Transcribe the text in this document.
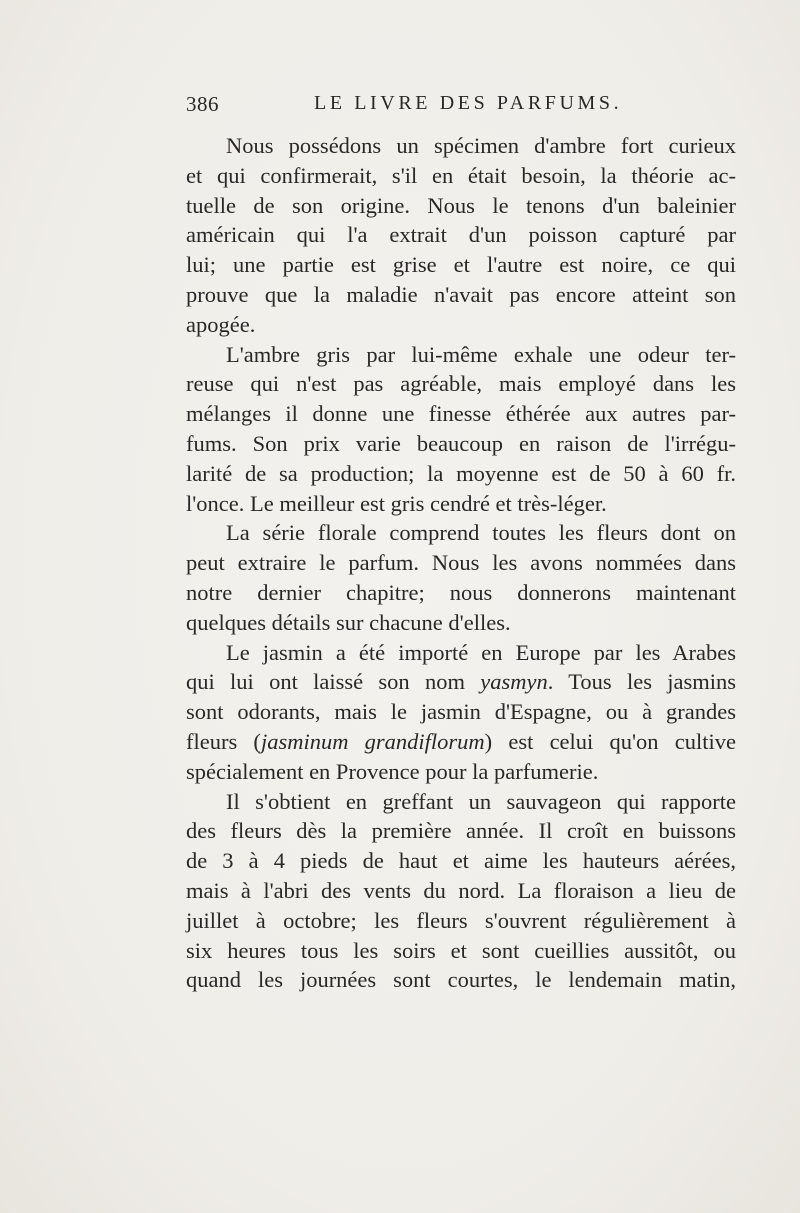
386	LE LIVRE DES PARFUMS.
Nous possédons un spécimen d'ambre fort curieux
et qui confirmerait, s'il en était besoin, la théorie ac-
tuelle de son origine. Nous le tenons d'un baleinier
américain qui l'a extrait d'un poisson capturé par
lui; une partie est grise et l'autre est noire, ce qui
prouve que la maladie n'avait pas encore atteint son
apogée.
L'ambre gris par lui-même exhale une odeur ter-
reuse qui n'est pas agréable, mais employé dans les
mélanges il donne une finesse éthérée aux autres par-
fums. Son prix varie beaucoup en raison de l'irrégu-
larité de sa production; la moyenne est de 50 à 60 fr.
l'once. Le meilleur est gris cendré et très-léger.
La série florale comprend toutes les fleurs dont on
peut extraire le parfum. Nous les avons nommées dans
notre dernier chapitre; nous donnerons maintenant
quelques détails sur chacune d'elles.
Le jasmin a été importé en Europe par les Arabes
qui lui ont laissé son nom yasmyn. Tous les jasmins
sont odorants, mais le jasmin d'Espagne, ou à grandes
fleurs (jasminum grandiflorum) est celui qu'on cultive
spécialement en Provence pour la parfumerie.
Il s'obtient en greffant un sauvageon qui rapporte
des fleurs dès la première année. Il croît en buissons
de 3 à 4 pieds de haut et aime les hauteurs aérées,
mais à l'abri des vents du nord. La floraison a lieu de
juillet à octobre; les fleurs s'ouvrent régulièrement à
six heures tous les soirs et sont cueillies aussitôt, ou
quand les journées sont courtes, le lendemain matin,
